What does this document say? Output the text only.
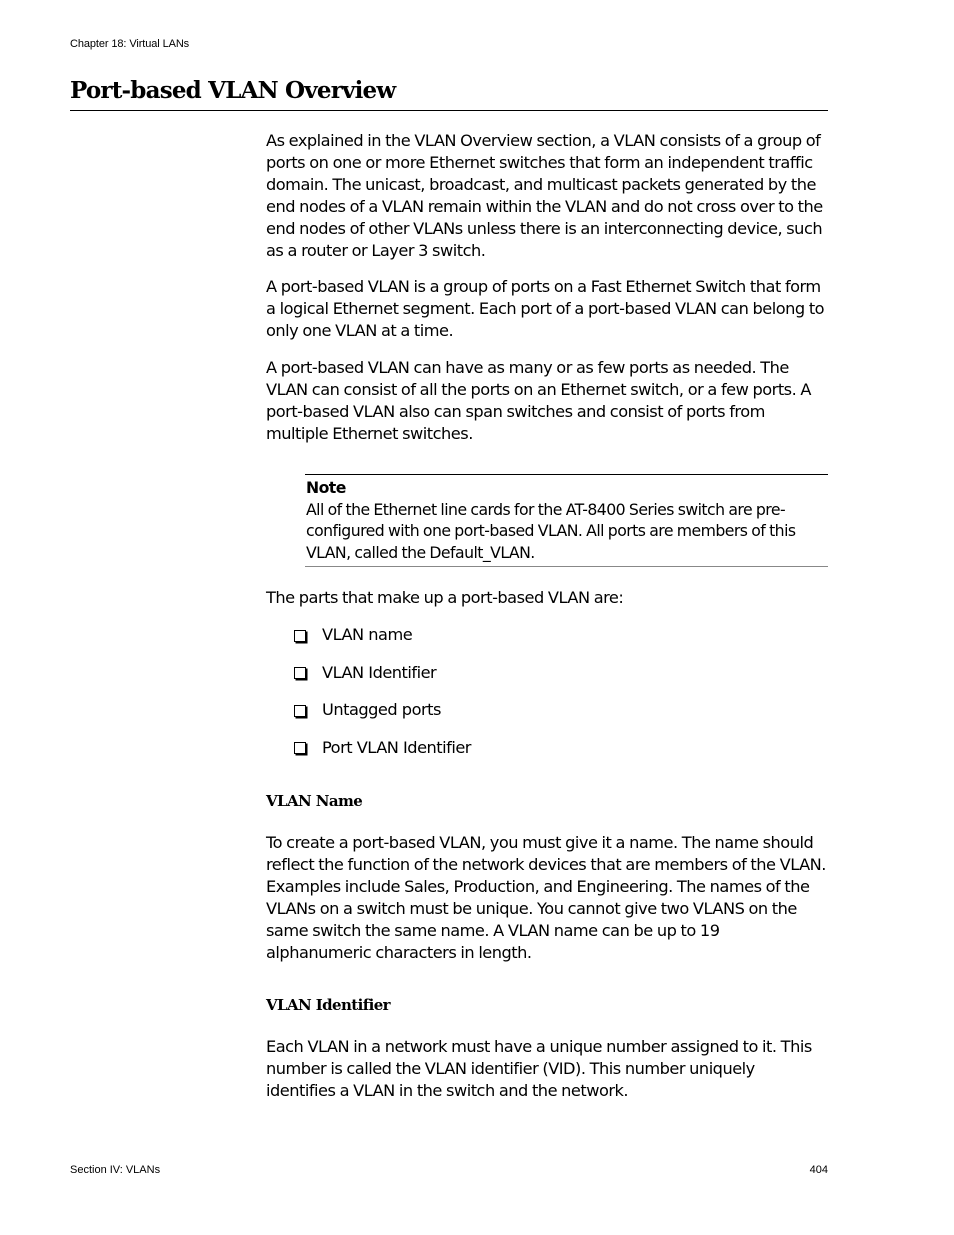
Chapter 18: Virtual LANs
Port-based VLAN Overview

As explained in the VLAN Overview section, a VLAN consists of a group of ports on one or more Ethernet switches that form an independent traffic domain. The unicast, broadcast, and multicast packets generated by the end nodes of a VLAN remain within the VLAN and do not cross over to the end nodes of other VLANs unless there is an interconnecting device, such as a router or Layer 3 switch.

A port-based VLAN is a group of ports on a Fast Ethernet Switch that form a logical Ethernet segment. Each port of a port-based VLAN can belong to only one VLAN at a time.

A port-based VLAN can have as many or as few ports as needed. The VLAN can consist of all the ports on an Ethernet switch, or a few ports. A port-based VLAN also can span switches and consist of ports from multiple Ethernet switches.

Note
All of the Ethernet line cards for the AT-8400 Series switch are pre-configured with one port-based VLAN. All ports are members of this VLAN, called the Default_VLAN.

The parts that make up a port-based VLAN are:

VLAN name
VLAN Identifier
Untagged ports
Port VLAN Identifier
VLAN Name

To create a port-based VLAN, you must give it a name. The name should reflect the function of the network devices that are members of the VLAN. Examples include Sales, Production, and Engineering. The names of the VLANs on a switch must be unique. You cannot give two VLANS on the same switch the same name. A VLAN name can be up to 19 alphanumeric characters in length.

VLAN Identifier

Each VLAN in a network must have a unique number assigned to it. This number is called the VLAN identifier (VID). This number uniquely identifies a VLAN in the switch and the network.

Section IV: VLANs	404
